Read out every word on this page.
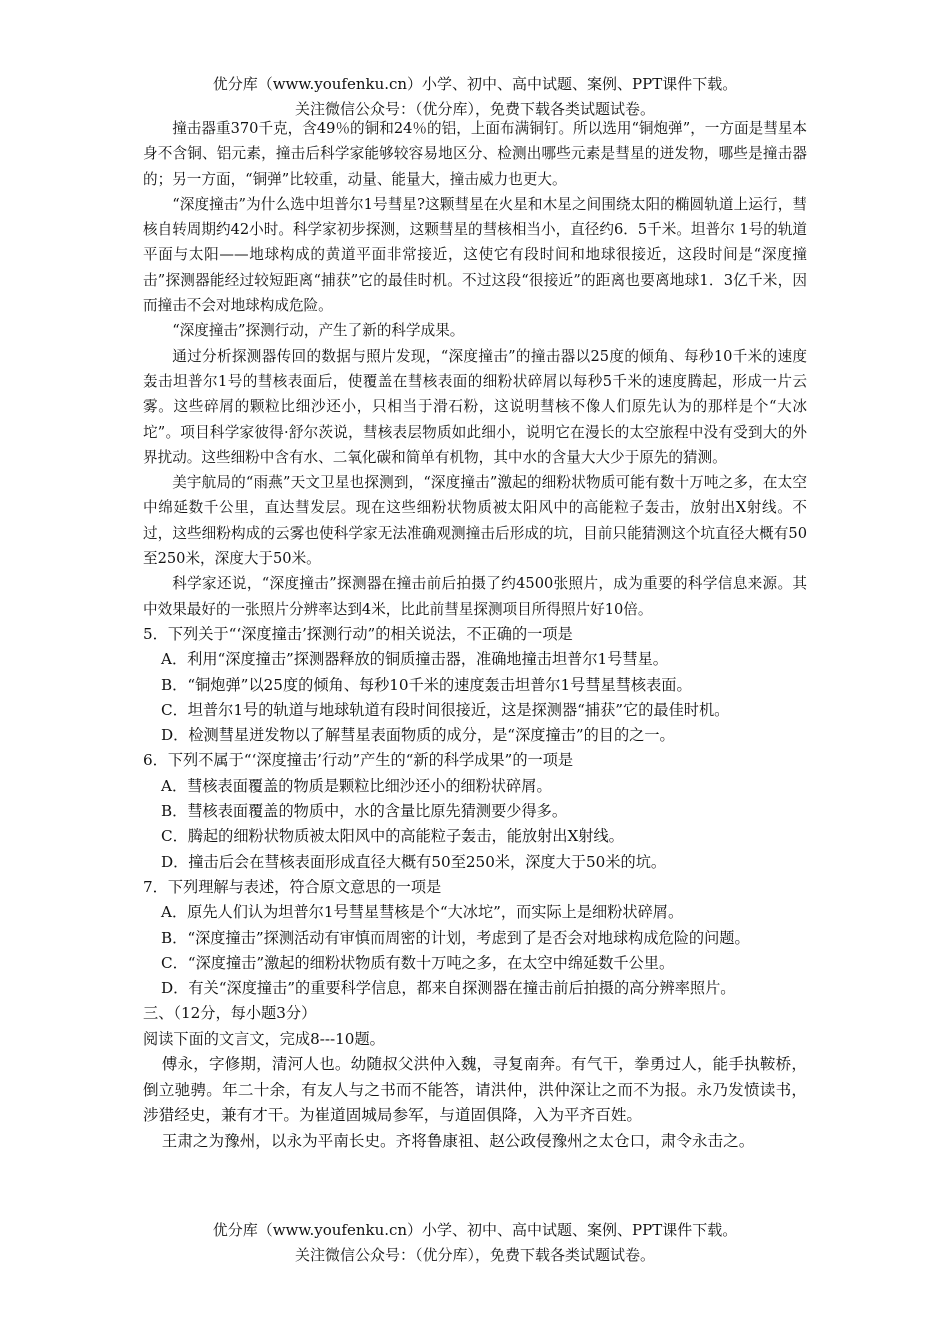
优分库（www.youfenku.cn）小学、初中、高中试题、案例、PPT课件下载。
关注微信公众号：（优分库），免费下载各类试题试卷。

撞击器重370千克，含49％的铜和24％的铝，上面布满铜钉。所以选用“铜炮弹”，一方面是彗星本身不含铜、铝元素，撞击后科学家能够较容易地区分、检测出哪些元素是彗星的迸发物，哪些是撞击器的；另一方面，“铜弹”比较重，动量、能量大，撞击威力也更大。

“深度撞击”为什么选中坦普尔1号彗星?这颗彗星在火星和木星之间围绕太阳的椭圆轨道上运行，彗核自转周期约42小时。科学家初步探测，这颗彗星的彗核相当小，直径约6．5千米。坦普尔 1号的轨道平面与太阳——地球构成的黄道平面非常接近，这使它有段时间和地球很接近，这段时间是“深度撞击”探测器能经过较短距离“捕获”它的最佳时机。不过这段“很接近”的距离也要离地球1．3亿千米，因而撞击不会对地球构成危险。

“深度撞击”探测行动，产生了新的科学成果。

通过分析探测器传回的数据与照片发现，“深度撞击”的撞击器以25度的倾角、每秒10千米的速度轰击坦普尔1号的彗核表面后，使覆盖在彗核表面的细粉状碎屑以每秒5千米的速度腾起，形成一片云雾。这些碎屑的颗粒比细沙还小，只相当于滑石粉，这说明彗核不像人们原先认为的那样是个“大冰坨”。项目科学家彼得·舒尔茨说，彗核表层物质如此细小，说明它在漫长的太空旅程中没有受到大的外界扰动。这些细粉中含有水、二氧化碳和简单有机物，其中水的含量大大少于原先的猜测。

美宇航局的“雨燕”天文卫星也探测到，“深度撞击”激起的细粉状物质可能有数十万吨之多，在太空中绵延数千公里，直达彗发层。现在这些细粉状物质被太阳风中的高能粒子轰击，放射出X射线。不过，这些细粉构成的云雾也使科学家无法准确观测撞击后形成的坑，目前只能猜测这个坑直径大概有50至250米，深度大于50米。

科学家还说，“深度撞击”探测器在撞击前后拍摄了约4500张照片，成为重要的科学信息来源。其中效果最好的一张照片分辨率达到4米，比此前彗星探测项目所得照片好10倍。

5．下列关于“‘深度撞击’探测行动”的相关说法，不正确的一项是

A．利用“深度撞击”探测器释放的铜质撞击器，准确地撞击坦普尔1号彗星。

B．“铜炮弹”以25度的倾角、每秒10千米的速度轰击坦普尔1号彗星彗核表面。

C．坦普尔1号的轨道与地球轨道有段时间很接近，这是探测器“捕获”它的最佳时机。

D．检测彗星迸发物以了解彗星表面物质的成分，是“深度撞击”的目的之一。

6．下列不属于“‘深度撞击’行动”产生的“新的科学成果”的一项是

A．彗核表面覆盖的物质是颗粒比细沙还小的细粉状碎屑。

B．彗核表面覆盖的物质中，水的含量比原先猜测要少得多。

C．腾起的细粉状物质被太阳风中的高能粒子轰击，能放射出X射线。

D．撞击后会在彗核表面形成直径大概有50至250米，深度大于50米的坑。

7．下列理解与表述，符合原文意思的一项是

A．原先人们认为坦普尔1号彗星彗核是个“大冰坨”，而实际上是细粉状碎屑。

B．“深度撞击”探测活动有审慎而周密的计划，考虑到了是否会对地球构成危险的问题。

C．“深度撞击”激起的细粉状物质有数十万吨之多，在太空中绵延数千公里。

D．有关“深度撞击”的重要科学信息，都来自探测器在撞击前后拍摄的高分辨率照片。

三、（12分，每小题3分）

阅读下面的文言文，完成8---10题。

傅永，字修期，清河人也。幼随叔父洪仲入魏，寻复南奔。有气干，拳勇过人，能手执鞍桥，倒立驰骋。年二十余，有友人与之书而不能答，请洪仲，洪仲深让之而不为报。永乃发愤读书，涉猎经史，兼有才干。为崔道固城局参军，与道固俱降，入为平齐百姓。

王肃之为豫州，以永为平南长史。齐将鲁康祖、赵公政侵豫州之太仓口，肃令永击之。

优分库（www.youfenku.cn）小学、初中、高中试题、案例、PPT课件下载。
关注微信公众号：（优分库），免费下载各类试题试卷。
